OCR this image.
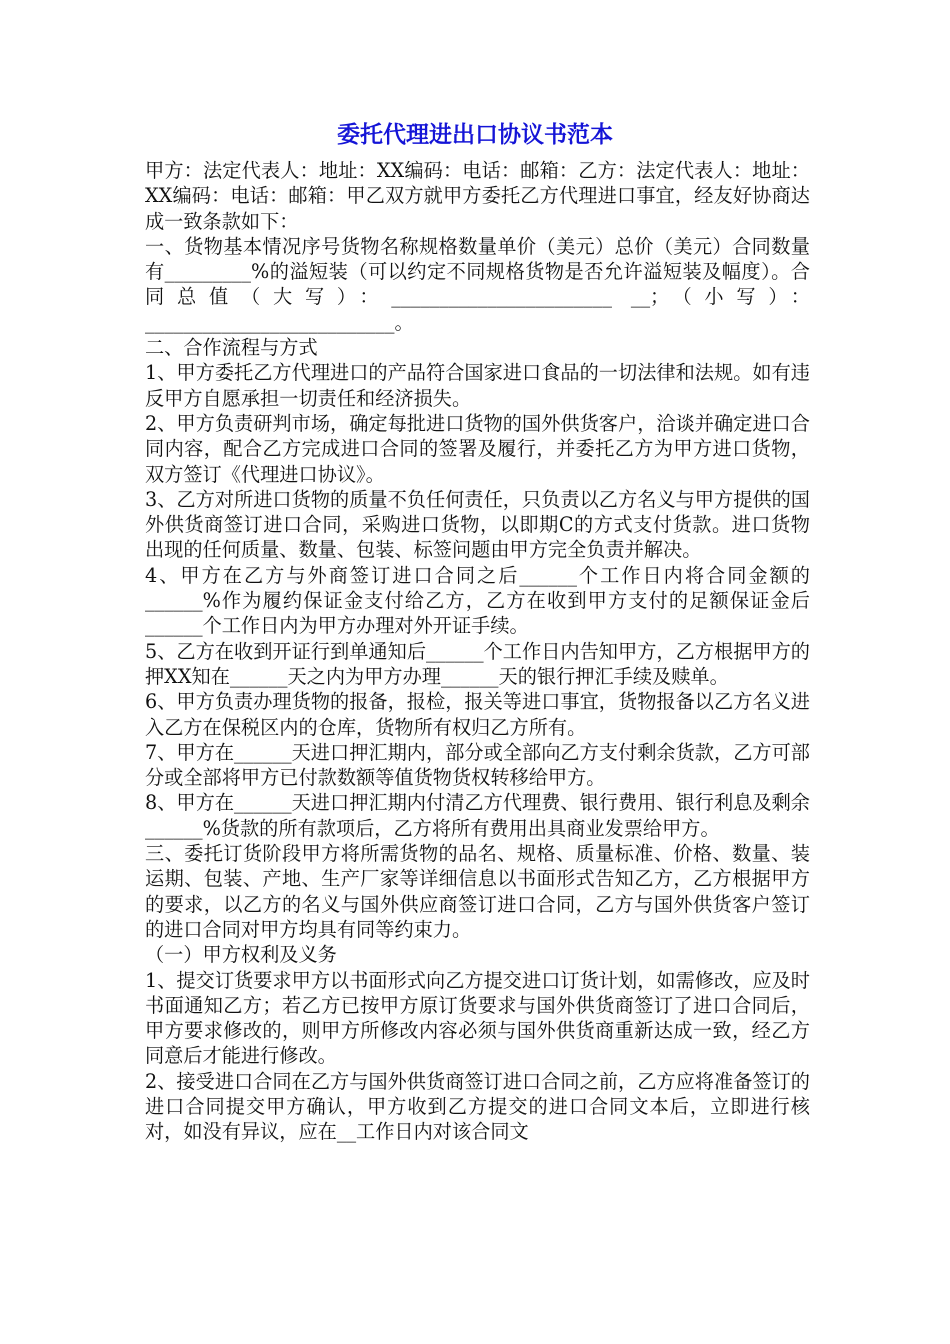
委托代理进出口协议书范本

甲方：法定代表人：地址：XX编码：电话：邮箱：乙方：法定代表人：地址：XX编码：电话：邮箱：甲乙双方就甲方委托乙方代理进口事宜，经友好协商达成一致条款如下：

一、货物基本情况序号货物名称规格数量单价（美元）总价（美元）合同数量有_________%的溢短装（可以约定不同规格货物是否允许溢短装及幅度）。合同总值（大写）：_______________________ __；（小写）：__________________________。

二、合作流程与方式

1、甲方委托乙方代理进口的产品符合国家进口食品的一切法律和法规。如有违反甲方自愿承担一切责任和经济损失。

2、甲方负责研判市场，确定每批进口货物的国外供货客户，洽谈并确定进口合同内容，配合乙方完成进口合同的签署及履行，并委托乙方为甲方进口货物，双方签订《代理进口协议》。

3、乙方对所进口货物的质量不负任何责任，只负责以乙方名义与甲方提供的国外供货商签订进口合同，采购进口货物，以即期C的方式支付货款。进口货物出现的任何质量、数量、包装、标签问题由甲方完全负责并解决。

4、甲方在乙方与外商签订进口合同之后______个工作日内将合同金额的______%作为履约保证金支付给乙方，乙方在收到甲方支付的足额保证金后______个工作日内为甲方办理对外开证手续。

5、乙方在收到开证行到单通知后______个工作日内告知甲方，乙方根据甲方的押XX知在______天之内为甲方办理______天的银行押汇手续及赎单。

6、甲方负责办理货物的报备，报检，报关等进口事宜，货物报备以乙方名义进入乙方在保税区内的仓库，货物所有权归乙方所有。

7、甲方在______天进口押汇期内，部分或全部向乙方支付剩余货款，乙方可部分或全部将甲方已付款数额等值货物货权转移给甲方。

8、甲方在______天进口押汇期内付清乙方代理费、银行费用、银行利息及剩余______%货款的所有款项后，乙方将所有费用出具商业发票给甲方。

三、委托订货阶段甲方将所需货物的品名、规格、质量标准、价格、数量、装运期、包装、产地、生产厂家等详细信息以书面形式告知乙方，乙方根据甲方的要求，以乙方的名义与国外供应商签订进口合同，乙方与国外供货客户签订的进口合同对甲方均具有同等约束力。

（一）甲方权利及义务

1、提交订货要求甲方以书面形式向乙方提交进口订货计划，如需修改，应及时书面通知乙方；若乙方已按甲方原订货要求与国外供货商签订了进口合同后，甲方要求修改的，则甲方所修改内容必须与国外供货商重新达成一致，经乙方同意后才能进行修改。

2、接受进口合同在乙方与国外供货商签订进口合同之前，乙方应将准备签订的进口合同提交甲方确认，甲方收到乙方提交的进口合同文本后，立即进行核对，如没有异议，应在__工作日内对该合同文
